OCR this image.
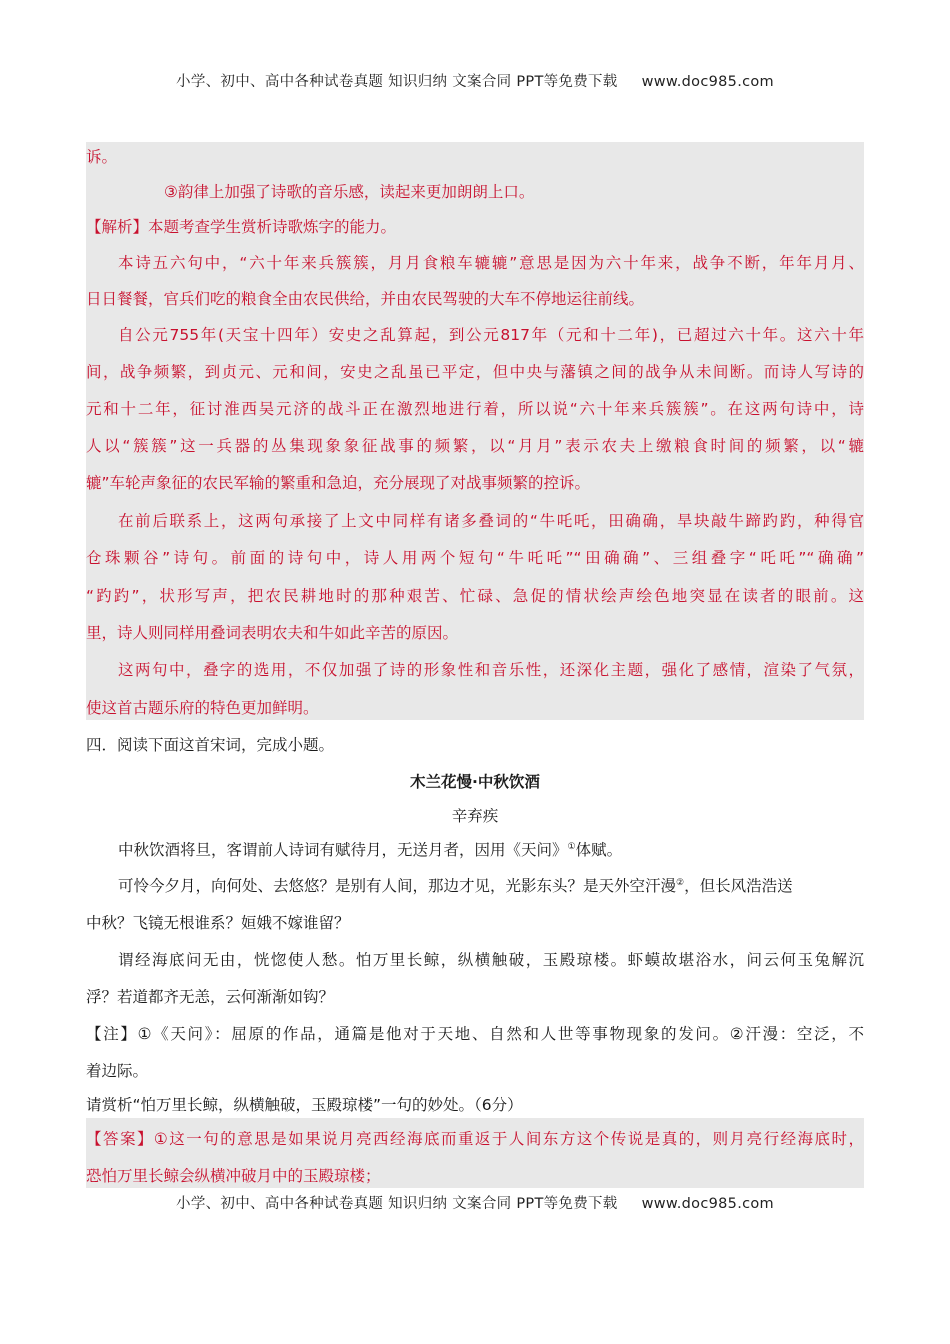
小学、初中、高中各种试卷真题 知识归纳 文案合同 PPT等免费下载 www.doc985.com
诉。
③韵律上加强了诗歌的音乐感，读起来更加朗朗上口。
【解析】本题考查学生赏析诗歌炼字的能力。
本诗五六句中，“六十年来兵簇簇，月月食粮车辘辘”意思是因为六十年来，战争不断，年年月月、
日日餐餐，官兵们吃的粮食全由农民供给，并由农民驾驶的大车不停地运往前线。
自公元755年(天宝十四年）安史之乱算起，到公元817年（元和十二年)，已超过六十年。这六十年
间，战争频繁，到贞元、元和间，安史之乱虽已平定，但中央与藩镇之间的战争从未间断。而诗人写诗的
元和十二年，征讨淮西吴元济的战斗正在激烈地进行着，所以说“六十年来兵簇簇”。在这两句诗中，诗
人以“簇簇”这一兵器的丛集现象象征战事的频繁，以“月月”表示农夫上缴粮食时间的频繁，以“辘
辘”车轮声象征的农民军输的繁重和急迫，充分展现了对战事频繁的控诉。
在前后联系上，这两句承接了上文中同样有诸多叠词的“牛吒吒，田确确，旱块敲牛蹄趵趵，种得官
仓珠颗谷”诗句。前面的诗句中，诗人用两个短句“牛吒吒”“田确确”、三组叠字“吒吒”“确确”
“趵趵”，状形写声，把农民耕地时的那种艰苦、忙碌、急促的情状绘声绘色地突显在读者的眼前。这
里，诗人则同样用叠词表明农夫和牛如此辛苦的原因。
这两句中，叠字的选用，不仅加强了诗的形象性和音乐性，还深化主题，强化了感情，渲染了气氛，
使这首古题乐府的特色更加鲜明。
四．阅读下面这首宋词，完成小题。
木兰花慢·中秋饮酒
辛弃疾
中秋饮酒将旦，客谓前人诗词有赋待月，无送月者，因用《天问》①体赋。
可怜今夕月，向何处、去悠悠？是别有人间，那边才见，光影东头？是天外空汗漫②，但长风浩浩送
中秋？飞镜无根谁系？姮娥不嫁谁留？
谓经海底问无由，恍惚使人愁。怕万里长鲸，纵横触破，玉殿琼楼。虾蟆故堪浴水，问云何玉兔解沉
浮？若道都齐无恙，云何渐渐如钩？
【注】①《天问》：屈原的作品，通篇是他对于天地、自然和人世等事物现象的发问。②汗漫：空泛，不
着边际。
请赏析“怕万里长鲸，纵横触破，玉殿琼楼”一句的妙处。（6分）
【答案】①这一句的意思是如果说月亮西经海底而重返于人间东方这个传说是真的，则月亮行经海底时，
恐怕万里长鲸会纵横冲破月中的玉殿琼楼；
小学、初中、高中各种试卷真题 知识归纳 文案合同 PPT等免费下载 www.doc985.com
